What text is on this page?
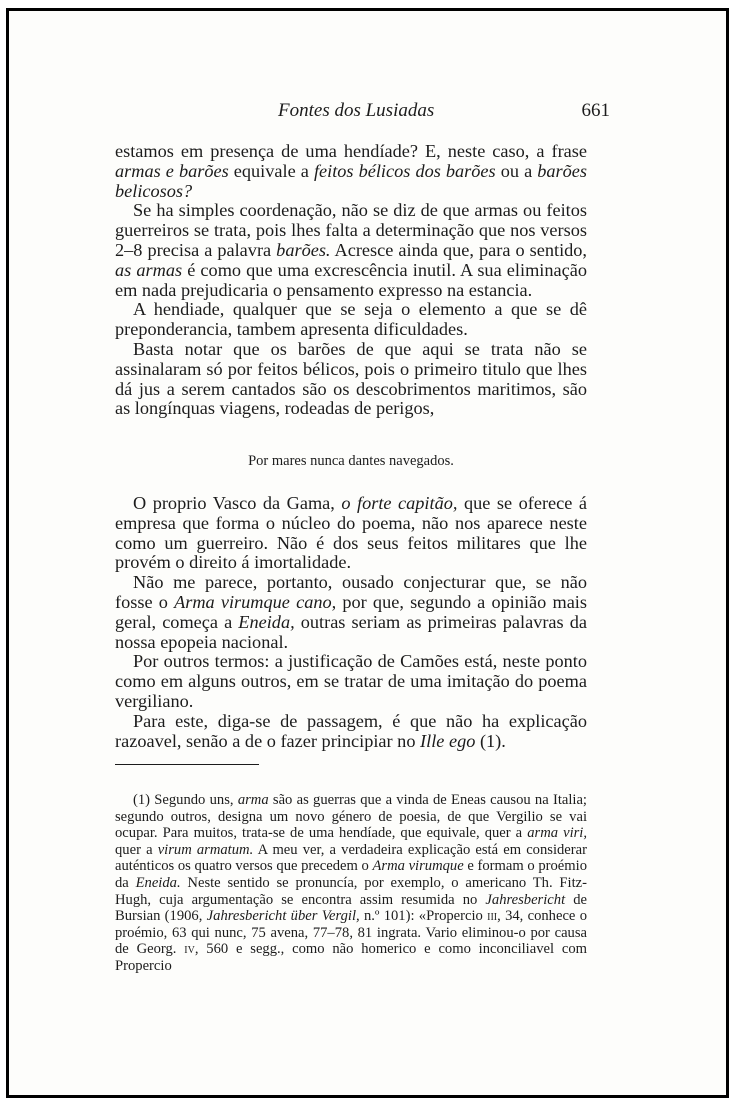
Fontes dos Lusiadas	661

estamos em presença de uma hendíade? E, neste caso, a frase armas e barões equivale a feitos bélicos dos barões ou a barões belicosos?

Se ha simples coordenação, não se diz de que armas ou feitos guerreiros se trata, pois lhes falta a determinação que nos versos 2–8 precisa a palavra barões. Acresce ainda que, para o sentido, as armas é como que uma excrescência inutil. A sua eliminação em nada prejudicaria o pensamento expresso na estancia.

A hendiade, qualquer que se seja o elemento a que se dê preponderancia, tambem apresenta dificuldades.

Basta notar que os barões de que aqui se trata não se assinalaram só por feitos bélicos, pois o primeiro titulo que lhes dá jus a serem cantados são os descobrimentos maritimos, são as longínquas viagens, rodeadas de perigos,

Por mares nunca dantes navegados.

O proprio Vasco da Gama, o forte capitão, que se oferece á empresa que forma o núcleo do poema, não nos aparece neste como um guerreiro. Não é dos seus feitos militares que lhe provém o direito á imortalidade.

Não me parece, portanto, ousado conjecturar que, se não fosse o Arma virumque cano, por que, segundo a opinião mais geral, começa a Eneida, outras seriam as primeiras palavras da nossa epopeia nacional.

Por outros termos: a justificação de Camões está, neste ponto como em alguns outros, em se tratar de uma imitação do poema vergiliano.

Para este, diga-se de passagem, é que não ha explicação razoavel, senão a de o fazer principiar no Ille ego (1).

(1) Segundo uns, arma são as guerras que a vinda de Eneas causou na Italia; segundo outros, designa um novo género de poesia, de que Vergilio se vai ocupar. Para muitos, trata-se de uma hendíade, que equivale, quer a arma viri, quer a virum armatum. A meu ver, a verdadeira explicação está em considerar auténticos os quatro versos que precedem o Arma virumque e formam o proémio da Eneida. Neste sentido se pronuncía, por exemplo, o americano Th. Fitz-Hugh, cuja argumentação se encontra assim resumida no Jahresbericht de Bursian (1906, Jahresbericht über Vergil, n.º 101): «Propercio iii, 34, conhece o proémio, 63 qui nunc, 75 avena, 77–78, 81 ingrata. Vario eliminou-o por causa de Georg. iv, 560 e segg., como não homerico e como inconciliavel com Propercio
